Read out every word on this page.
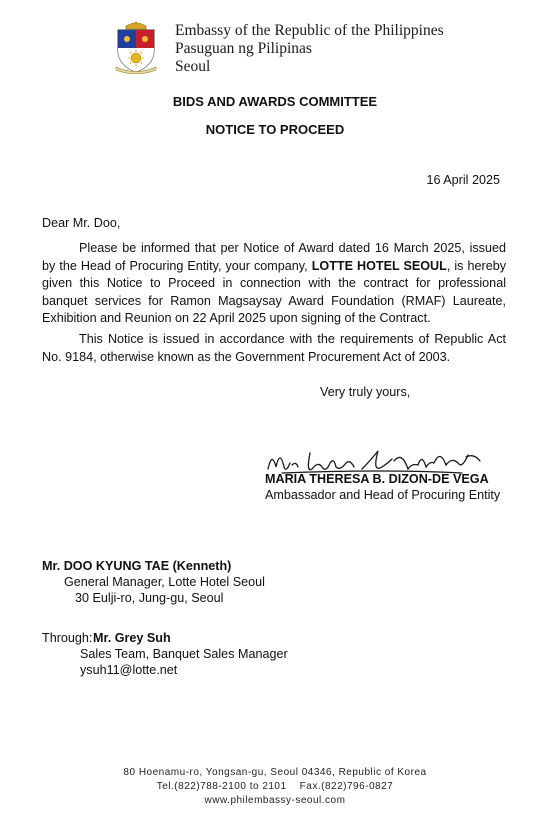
Embassy of the Republic of the Philippines
Pasuguan ng Pilipinas
Seoul
BIDS AND AWARDS COMMITTEE
NOTICE TO PROCEED
16 April 2025
Dear Mr. Doo,
Please be informed that per Notice of Award dated 16 March 2025, issued by the Head of Procuring Entity, your company, LOTTE HOTEL SEOUL, is hereby given this Notice to Proceed in connection with the contract for professional banquet services for Ramon Magsaysay Award Foundation (RMAF) Laureate, Exhibition and Reunion on 22 April 2025 upon signing of the Contract.
This Notice is issued in accordance with the requirements of Republic Act No. 9184, otherwise known as the Government Procurement Act of 2003.
Very truly yours,
MARIA THERESA B. DIZON-DE VEGA
Ambassador and Head of Procuring Entity
Mr. DOO KYUNG TAE (Kenneth)
General Manager, Lotte Hotel Seoul
30 Eulji-ro, Jung-gu, Seoul
Through: Mr. Grey Suh
Sales Team, Banquet Sales Manager
ysuh11@lotte.net
80 Hoenamu-ro, Yongsan-gu, Seoul 04346, Republic of Korea
Tel.(822)788-2100 to 2101    Fax.(822)796-0827
www.philembassy-seoul.com
